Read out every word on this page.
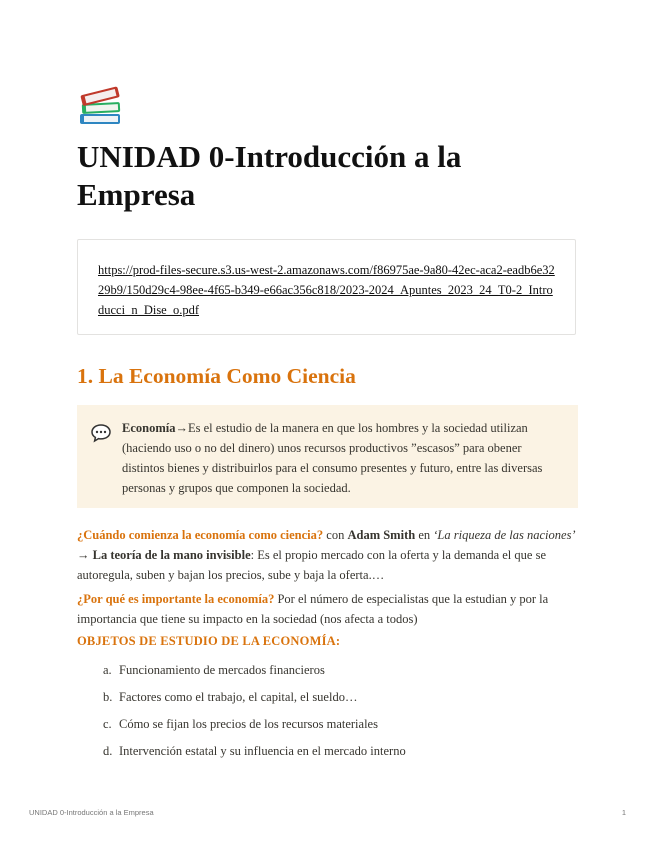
UNIDAD 0-Introducción a la Empresa
https://prod-files-secure.s3.us-west-2.amazonaws.com/f86975ae-9a80-42ec-aca2-eadb6e3229b9/150d29c4-98ee-4f65-b349-e66ac356c818/2023-2024_Apuntes_2023_24_T0-2_Introducci_n_Dise_o.pdf
1. La Economía Como Ciencia
Economía→Es el estudio de la manera en que los hombres y la sociedad utilizan (haciendo uso o no del dinero) unos recursos productivos ”escasos” para obener distintos bienes y distribuirlos para el consumo presentes y futuro, entre las diversas personas y grupos que componen la sociedad.
¿Cuándo comienza la economía como ciencia? con Adam Smith en ‘La riqueza de las naciones’ → La teoría de la mano invisible: Es el propio mercado con la oferta y la demanda el que se autoregula, suben y bajan los precios, sube y baja la oferta.…
¿Por qué es importante la economía? Por el número de especialistas que la estudian y por la importancia que tiene su impacto en la sociedad (nos afecta a todos)
OBJETOS DE ESTUDIO DE LA ECONOMÍA:
a. Funcionamiento de mercados financieros
b. Factores como el trabajo, el capital, el sueldo…
c. Cómo se fijan los precios de los recursos materiales
d. Intervención estatal y su influencia en el mercado interno
UNIDAD 0-Introducción a la Empresa	1
